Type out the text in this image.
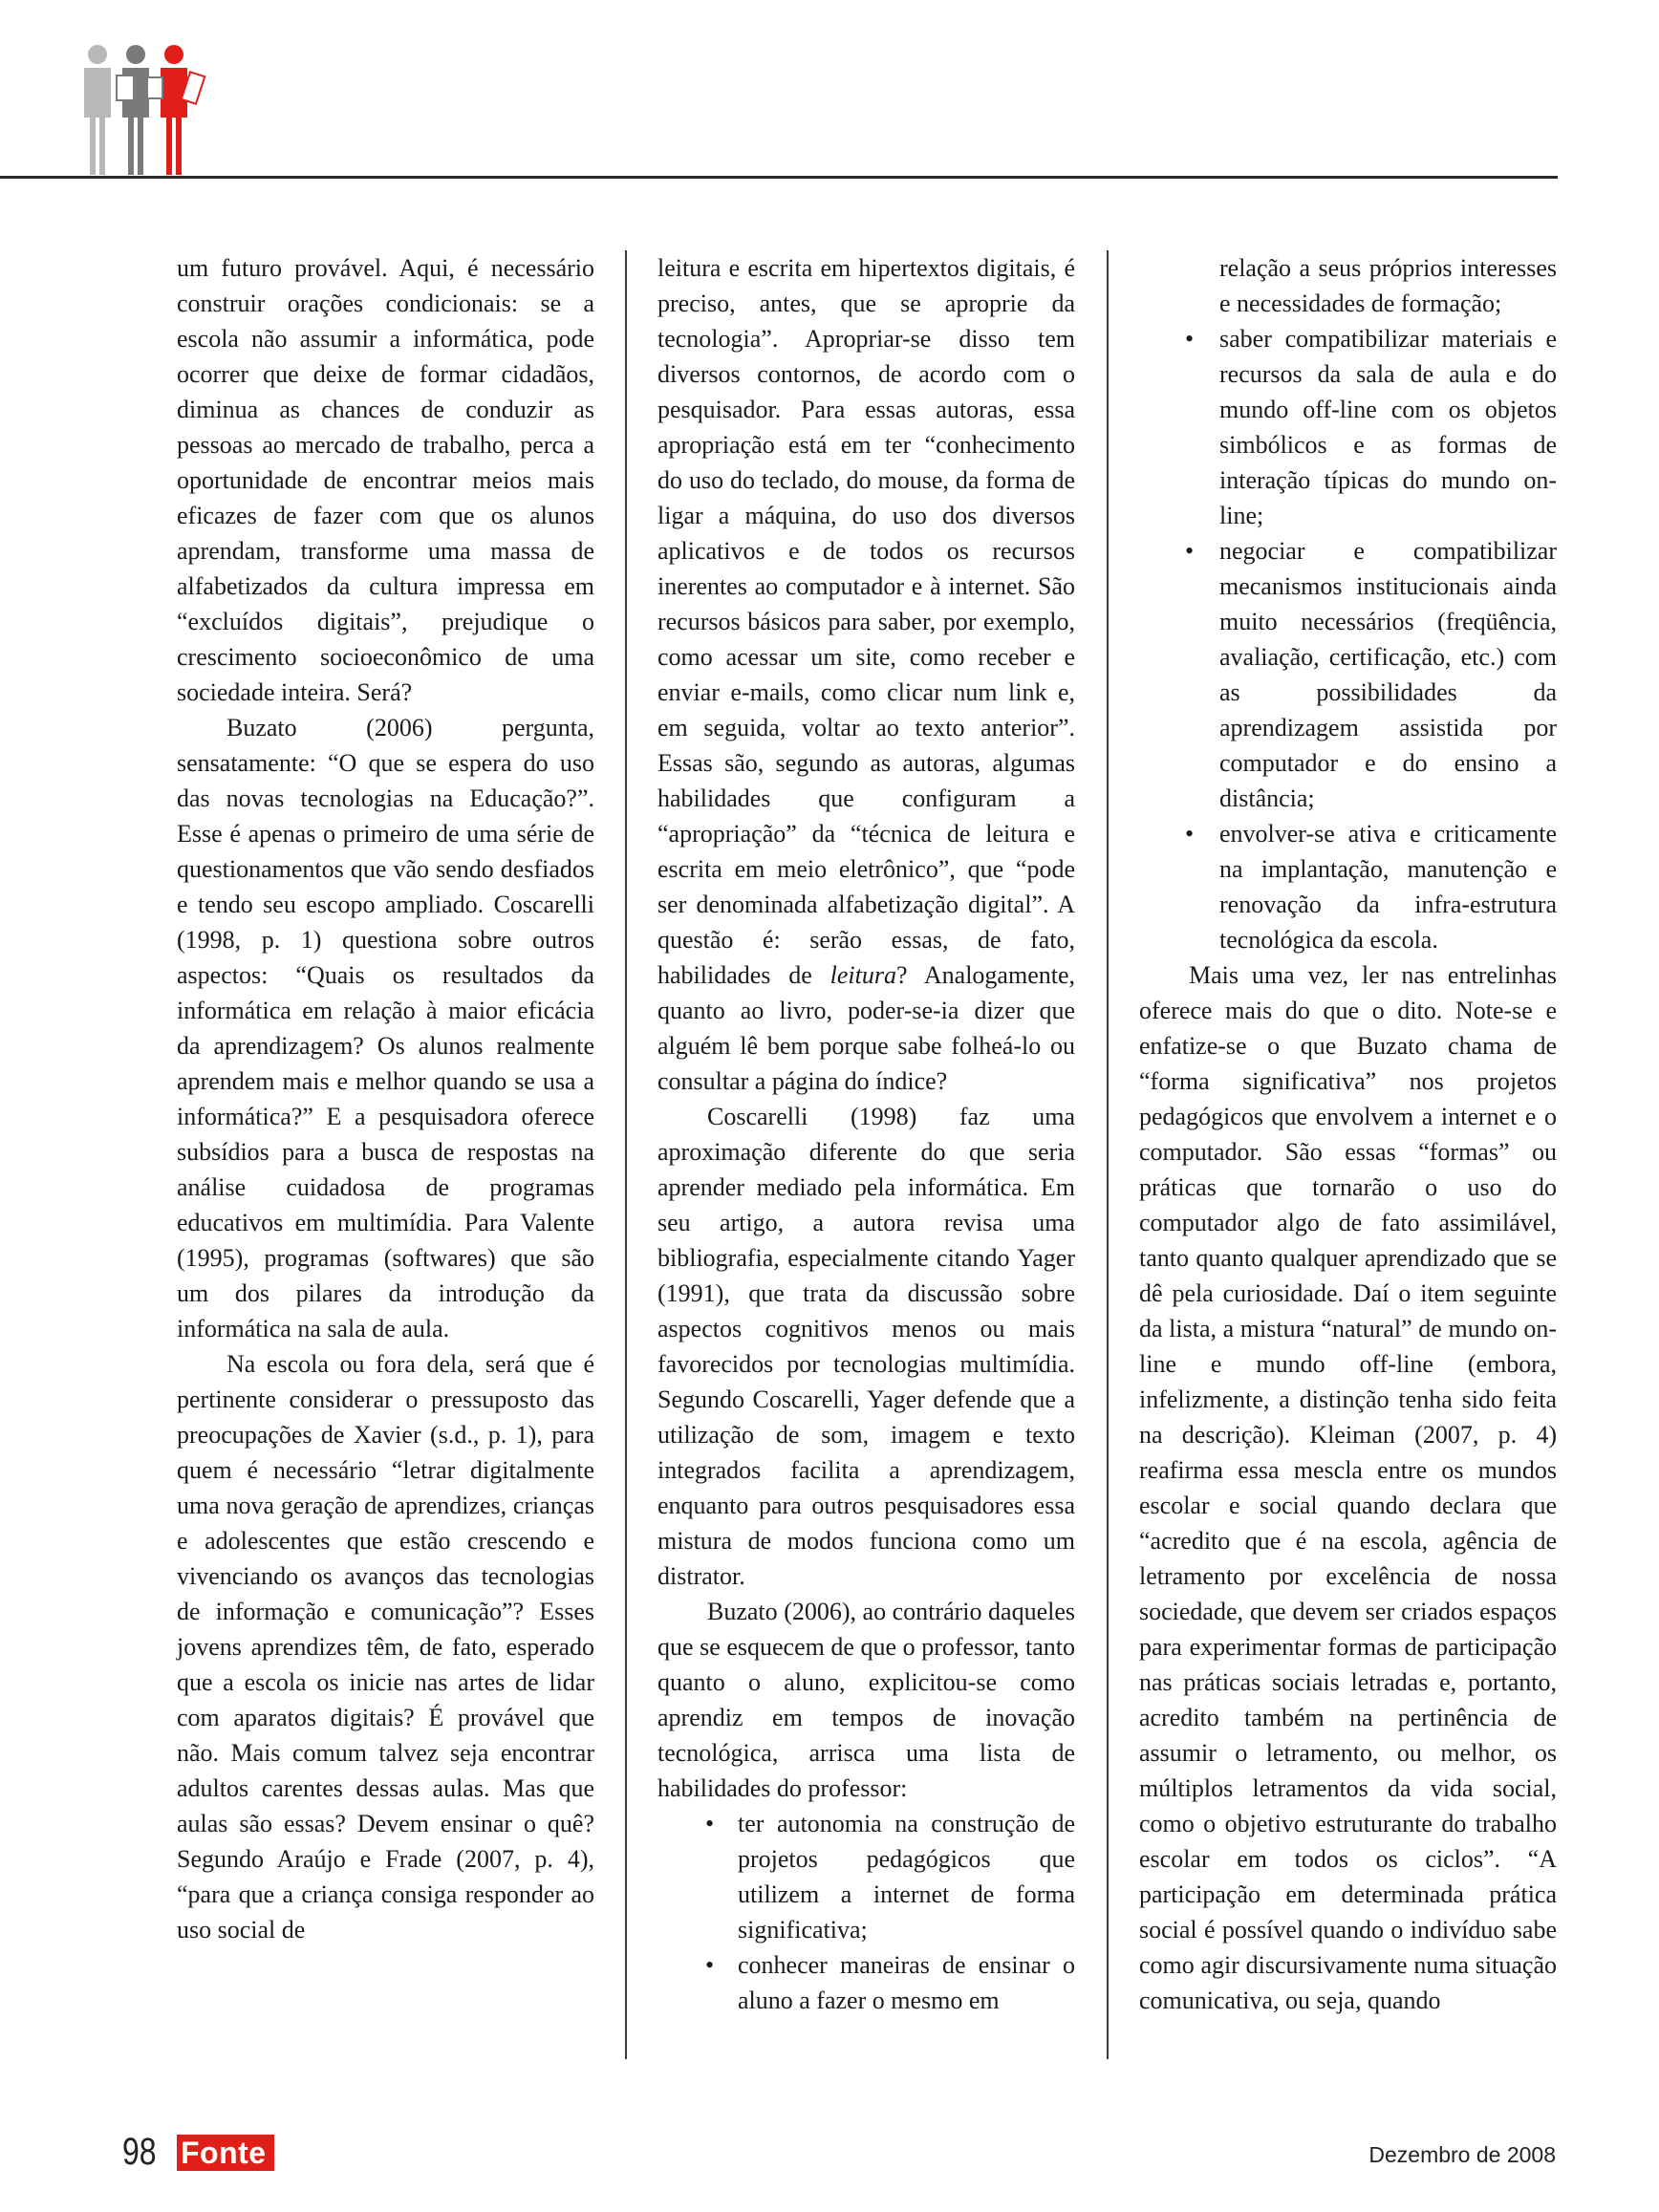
um futuro provável. Aqui, é necessário construir orações condicionais: se a escola não assumir a informática, pode ocorrer que deixe de formar cidadãos, diminua as chances de conduzir as pessoas ao mercado de trabalho, perca a oportunidade de encontrar meios mais eficazes de fazer com que os alunos aprendam, transforme uma massa de alfabetizados da cultura impressa em “excluídos digitais”, prejudique o crescimento socioeconômico de uma sociedade inteira. Será?

Buzato (2006) pergunta, sensatamente: “O que se espera do uso das novas tecnologias na Educação?”. Esse é apenas o primeiro de uma série de questionamentos que vão sendo desfiados e tendo seu escopo ampliado. Coscarelli (1998, p. 1) questiona sobre outros aspectos: “Quais os resultados da informática em relação à maior eficácia da aprendizagem? Os alunos realmente aprendem mais e melhor quando se usa a informática?” E a pesquisadora oferece subsídios para a busca de respostas na análise cuidadosa de programas educativos em multimídia. Para Valente (1995), programas (softwares) que são um dos pilares da introdução da informática na sala de aula.

Na escola ou fora dela, será que é pertinente considerar o pressuposto das preocupações de Xavier (s.d., p. 1), para quem é necessário “letrar digitalmente uma nova geração de aprendizes, crianças e adolescentes que estão crescendo e vivenciando os avanços das tecnologias de informação e comunicação”? Esses jovens aprendizes têm, de fato, esperado que a escola os inicie nas artes de lidar com aparatos digitais? É provável que não. Mais comum talvez seja encontrar adultos carentes dessas aulas. Mas que aulas são essas? Devem ensinar o quê? Segundo Araújo e Frade (2007, p. 4), “para que a criança consiga responder ao uso social de

leitura e escrita em hipertextos digitais, é preciso, antes, que se aproprie da tecnologia”. Apropriar-se disso tem diversos contornos, de acordo com o pesquisador. Para essas autoras, essa apropriação está em ter “conhecimento do uso do teclado, do mouse, da forma de ligar a máquina, do uso dos diversos aplicativos e de todos os recursos inerentes ao computador e à internet. São recursos básicos para saber, por exemplo, como acessar um site, como receber e enviar e-mails, como clicar num link e, em seguida, voltar ao texto anterior”. Essas são, segundo as autoras, algumas habilidades que configuram a “apropriação” da “técnica de leitura e escrita em meio eletrônico”, que “pode ser denominada alfabetização digital”. A questão é: serão essas, de fato, habilidades de leitura? Analogamente, quanto ao livro, poder-se-ia dizer que alguém lê bem porque sabe folheá-lo ou consultar a página do índice?

Coscarelli (1998) faz uma aproximação diferente do que seria aprender mediado pela informática. Em seu artigo, a autora revisa uma bibliografia, especialmente citando Yager (1991), que trata da discussão sobre aspectos cognitivos menos ou mais favorecidos por tecnologias multimídia. Segundo Coscarelli, Yager defende que a utilização de som, imagem e texto integrados facilita a aprendizagem, enquanto para outros pesquisadores essa mistura de modos funciona como um distrator.

Buzato (2006), ao contrário daqueles que se esquecem de que o professor, tanto quanto o aluno, explicitou-se como aprendiz em tempos de inovação tecnológica, arrisca uma lista de habilidades do professor:

• ter autonomia na construção de projetos pedagógicos que utilizem a internet de forma significativa;
• conhecer maneiras de ensinar o aluno a fazer o mesmo em
relação a seus próprios interesses e necessidades de formação;
• saber compatibilizar materiais e recursos da sala de aula e do mundo off-line com os objetos simbólicos e as formas de interação típicas do mundo on-line;
• negociar e compatibilizar mecanismos institucionais ainda muito necessários (freqüência, avaliação, certificação, etc.) com as possibilidades da aprendizagem assistida por computador e do ensino a distância;
• envolver-se ativa e criticamente na implantação, manutenção e renovação da infra-estrutura tecnológica da escola.

Mais uma vez, ler nas entrelinhas oferece mais do que o dito. Note-se e enfatize-se o que Buzato chama de “forma significativa” nos projetos pedagógicos que envolvem a internet e o computador. São essas “formas” ou práticas que tornarão o uso do computador algo de fato assimilável, tanto quanto qualquer aprendizado que se dê pela curiosidade. Daí o item seguinte da lista, a mistura “natural” de mundo on-line e mundo off-line (embora, infelizmente, a distinção tenha sido feita na descrição). Kleiman (2007, p. 4) reafirma essa mescla entre os mundos escolar e social quando declara que “acredito que é na escola, agência de letramento por excelência de nossa sociedade, que devem ser criados espaços para experimentar formas de participação nas práticas sociais letradas e, portanto, acredito também na pertinência de assumir o letramento, ou melhor, os múltiplos letramentos da vida social, como o objetivo estruturante do trabalho escolar em todos os ciclos”. “A participação em determinada prática social é possível quando o indivíduo sabe como agir discursivamente numa situação comunicativa, ou seja, quando

98 Fonte	Dezembro de 2008
